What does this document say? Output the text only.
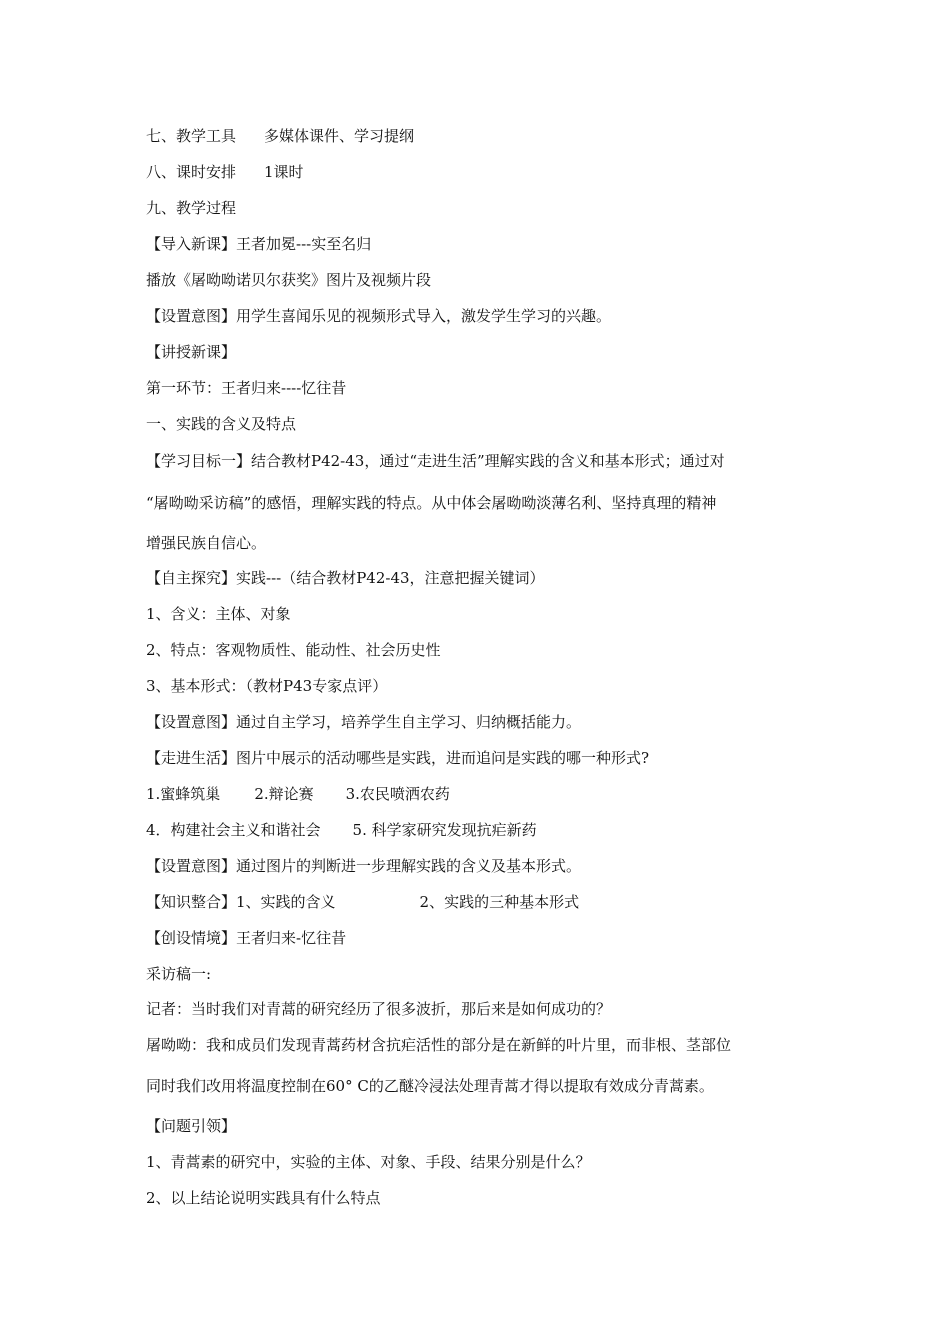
七、教学工具 多媒体课件、学习提纲
八、课时安排 1课时
九、教学过程
【导入新课】王者加冕---实至名归
播放《屠呦呦诺贝尔获奖》图片及视频片段
【设置意图】用学生喜闻乐见的视频形式导入，激发学生学习的兴趣。
【讲授新课】
第一环节：王者归来----忆往昔
一、实践的含义及特点
【学习目标一】结合教材P42-43，通过“走进生活”理解实践的含义和基本形式；通过对
“屠呦呦采访稿”的感悟，理解实践的特点。从中体会屠呦呦淡薄名利、坚持真理的精神
增强民族自信心。
【自主探究】实践---（结合教材P42-43，注意把握关键词）
1、含义：主体、对象
2、特点：客观物质性、能动性、社会历史性
3、基本形式：（教材P43专家点评）
【设置意图】通过自主学习，培养学生自主学习、归纳概括能力。
【走进生活】图片中展示的活动哪些是实践，进而追问是实践的哪一种形式?
1.蜜蜂筑巢 2.辩论赛 3.农民喷洒农药
4．构建社会主义和谐社会 5. 科学家研究发现抗疟新药
【设置意图】通过图片的判断进一步理解实践的含义及基本形式。
【知识整合】1、实践的含义	2、实践的三种基本形式
【创设情境】王者归来-忆往昔
采访稿一:
记者：当时我们对青蒿的研究经历了很多波折，那后来是如何成功的？
屠呦呦：我和成员们发现青蒿药材含抗疟活性的部分是在新鲜的叶片里，而非根、茎部位
同时我们改用将温度控制在60° C的乙醚冷浸法处理青蒿才得以提取有效成分青蒿素。
【问题引领】
1、青蒿素的研究中，实验的主体、对象、手段、结果分别是什么？
2、以上结论说明实践具有什么特点
